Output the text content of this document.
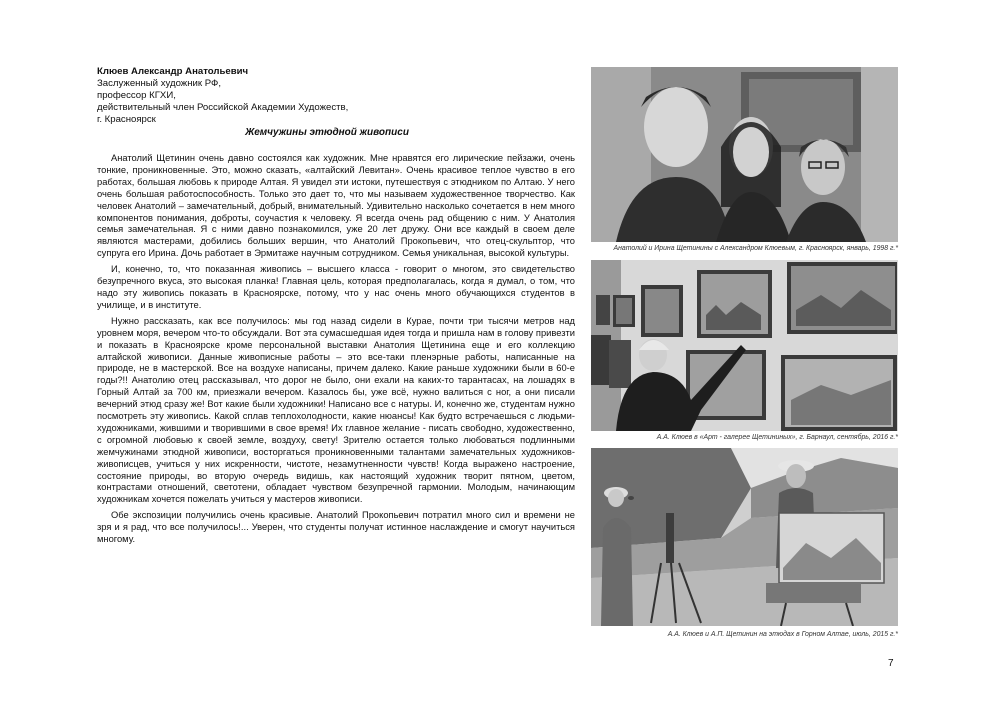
Клюев Александр Анатольевич
Заслуженный художник РФ,
профессор КГХИ,
действительный член Российской Академии Художеств,
г. Красноярск
Жемчужины этюдной живописи

Анатолий Щетинин очень давно состоялся как художник. Мне нравятся его лирические пейзажи, очень тонкие, проникновенные. Это, можно сказать, «алтайский Левитан». Очень красивое теплое чувство в его работах, большая любовь к природе Алтая. Я увидел эти истоки, путешествуя с этюдником по Алтаю. У него очень большая работоспособность. Только это дает то, что мы называем художественное творчество. Как человек Анатолий – замечательный, добрый, внимательный. Удивительно насколько сочетается в нем много компонентов понимания, доброты, соучастия к человеку. Я всегда очень рад общению с ним. У Анатолия семья замечательная. Я с ними давно познакомился, уже 20 лет дружу. Они все каждый в своем деле являются мастерами, добились больших вершин, что Анатолий Прокопьевич, что отец-скульптор, что супруга его Ирина. Дочь работает в Эрмитаже научным сотрудником. Семья уникальная, высокой культуры.

И, конечно, то, что показанная живопись – высшего класса - говорит о многом, это свидетельство безупречного вкуса, это высокая планка! Главная цель, которая предполагалась, когда я думал, о том, что надо эту живопись показать в Красноярске, потому, что у нас очень много обучающихся студентов в училище, и в институте.

Нужно рассказать, как все получилось: мы год назад сидели в Курае, почти три тысячи метров над уровнем моря, вечером что-то обсуждали. Вот эта сумасшедшая идея тогда и пришла нам в голову привезти и показать в Красноярске кроме персональной выставки Анатолия Щетинина еще и его коллекцию алтайской живописи. Данные живописные работы – это все-таки пленэрные работы, написанные на природе, не в мастерской. Все на воздухе написаны, причем далеко. Какие раньше художники были в 60-е годы?!! Анатолию отец рассказывал, что дорог не было, они ехали на каких-то тарантасах, на лошадях в Горный Алтай за 700 км, приезжали вечером. Казалось бы, уже всё, нужно валиться с ног, а они писали вечерний этюд сразу же! Вот какие были художники! Написано все с натуры. И, конечно же, студентам нужно посмотреть эту живопись. Какой сплав теплохолодности, какие нюансы! Как будто встречаешься с людьми-художниками, жившими и творившими в свое время! Их главное желание - писать свободно, художественно, с огромной любовью к своей земле, воздуху, свету! Зрителю остается только любоваться подлинными жемчужинами этюдной живописи, восторгаться проникновенными талантами замечательных художников-живописцев, учиться у них искренности, чистоте, незамутненности чувств! Когда выражено настроение, состояние природы, во вторую очередь видишь, как настоящий художник творит пятном, цветом, контрастами отношений, светотени, обладает чувством безупречной гармонии. Молодым, начинающим художникам хочется пожелать учиться у мастеров живописи.

Обе экспозиции получились очень красивые. Анатолий Прокопьевич потратил много сил и времени не зря и я рад, что все получилось!... Уверен, что студенты получат истинное наслаждение и смогут научиться многому.

Анатолий и Ирина Щетинины с Александром Клюевым, г. Красноярск, январь, 1998 г.*
А.А. Клюев в «Арт - галерее Щетининых», г. Барнаул, сентябрь, 2016 г.*
А.А. Клюев и А.П. Щетинин на этюдах в Горном Алтае, июль, 2015 г.*
7
